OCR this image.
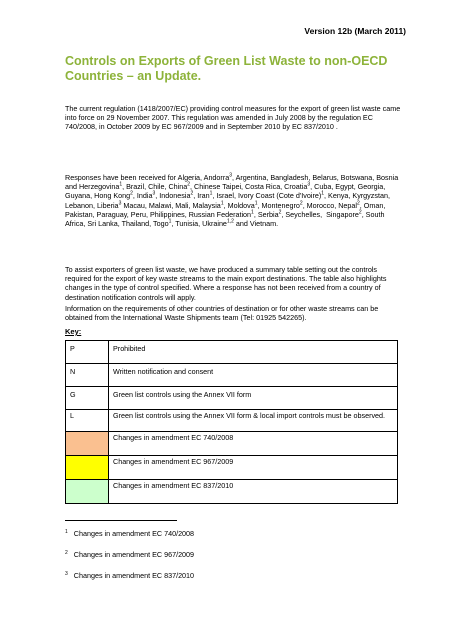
Version 12b (March 2011)
Controls on Exports of Green List Waste to non-OECD Countries – an Update.

The current regulation (1418/2007/EC) providing control measures for the export of green list waste came into force on 29 November 2007. This regulation was amended in July 2008 by the regulation EC 740/2008, in October 2009 by EC 967/2009 and in September 2010 by EC 837/2010 .

Responses have been received for Algeria, Andorra$^3$, Argentina, Bangladesh, Belarus, Botswana, Bosnia and Herzegovina$^1$, Brazil, Chile, China$^2$, Chinese Taipei, Costa Rica, Croatia$^3$, Cuba, Egypt, Georgia, Guyana, Hong Kong$^2$, India$^3$, Indonesia$^2$, Iran$^1$, Israel, Ivory Coast (Cote d'Ivoire)$^1$, Kenya, Kyrgyzstan, Lebanon, Liberia$^3$ Macau, Malawi, Mali, Malaysia$^1$, Moldova$^1$, Montenegro$^2$, Morocco, Nepal$^2$, Oman, Pakistan, Paraguay, Peru, Philippines, Russian Federation$^1$, Serbia$^2$, Seychelles,  Singapore$^2$, South Africa, Sri Lanka, Thailand, Togo$^1$, Tunisia, Ukraine$^{1,2}$ and Vietnam.

To assist exporters of green list waste, we have produced a summary table setting out the controls required for the export of key waste streams to the main export destinations. The table also highlights changes in the type of control specified. Where a response has not been received from a country of destination notification controls will apply.

Information on the requirements of other countries of destination or for other waste streams can be obtained from the International Waste Shipments team (Tel: 01925 542265).

Key:
P	Prohibited
N	Written notification and consent
G	Green list controls using the Annex VII form
L	Green list controls using the Annex VII form & local import controls must be observed.
	Changes in amendment EC 740/2008
	Changes in amendment EC 967/2009
	Changes in amendment EC 837/2010
$^1$ Changes in amendment EC 740/2008
$^2$ Changes in amendment EC 967/2009
$^3$ Changes in amendment EC 837/2010
